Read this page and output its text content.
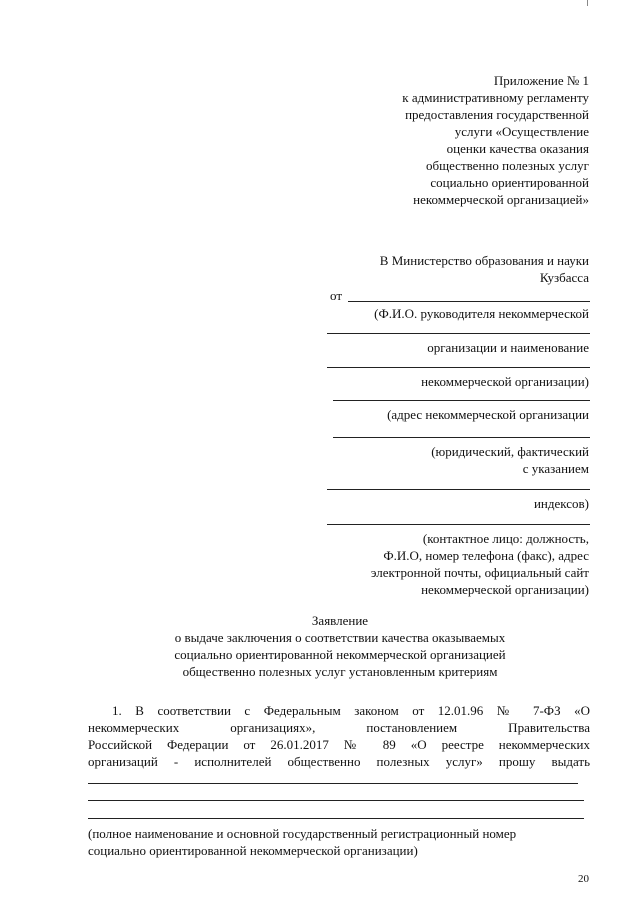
Приложение № 1
к административному регламенту
предоставления государственной
услуги «Осуществление
оценки качества оказания
общественно полезных услуг
социально ориентированной
некоммерческой организацией»
В Министерство образования и науки
Кузбасса
от
(Ф.И.О. руководителя некоммерческой
организации и наименование
некоммерческой организации)
(адрес некоммерческой организации
(юридический, фактический
с указанием
индексов)
(контактное лицо: должность,
Ф.И.О, номер телефона (факс), адрес
электронной почты, официальный сайт
некоммерческой организации)
Заявление
о выдаче заключения о соответствии качества оказываемых
социально ориентированной некоммерческой организацией
общественно полезных услуг установленным критериям
1. В соответствии с Федеральным законом от 12.01.96 № 7-ФЗ «О
некоммерческих организациях», постановлением Правительства
Российской Федерации от 26.01.2017 № 89 «О реестре некоммерческих
организаций - исполнителей общественно полезных услуг» прошу выдать
(полное наименование и основной государственный регистрационный номер
социально ориентированной некоммерческой организации)
20
